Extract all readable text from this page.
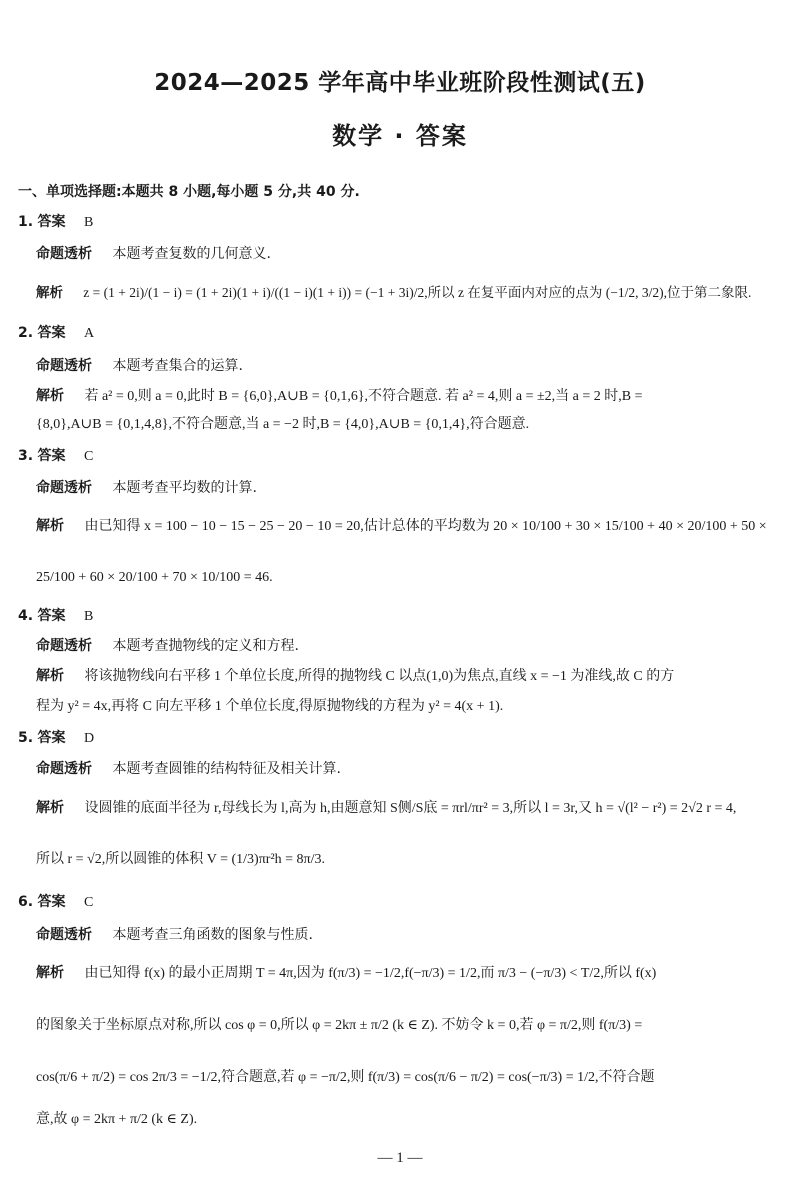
2024—2025 学年高中毕业班阶段性测试(五)
数学 · 答案
一、单项选择题:本题共 8 小题,每小题 5 分,共 40 分.
1. 答案 B
命题透析 本题考查复数的几何意义.
解析 z = (1 + 2i)/(1 − i) = (1 + 2i)(1 + i)/((1 − i)(1 + i)) = (−1 + 3i)/2,所以 z 在复平面内对应的点为 (−1/2, 3/2),位于第二象限.
2. 答案 A
命题透析 本题考查集合的运算.
解析 若 a² = 0,则 a = 0,此时 B = {6,0},A∪B = {0,1,6},不符合题意. 若 a² = 4,则 a = ±2,当 a = 2 时,B =
{8,0},A∪B = {0,1,4,8},不符合题意,当 a = −2 时,B = {4,0},A∪B = {0,1,4},符合题意.
3. 答案 C
命题透析 本题考查平均数的计算.
解析 由已知得 x = 100 − 10 − 15 − 25 − 20 − 10 = 20,估计总体的平均数为 20 × 10/100 + 30 × 15/100 + 40 × 20/100 + 50 ×
25/100 + 60 × 20/100 + 70 × 10/100 = 46.
4. 答案 B
命题透析 本题考查抛物线的定义和方程.
解析 将该抛物线向右平移 1 个单位长度,所得的抛物线 C 以点(1,0)为焦点,直线 x = −1 为准线,故 C 的方
程为 y² = 4x,再将 C 向左平移 1 个单位长度,得原抛物线的方程为 y² = 4(x + 1).
5. 答案 D
命题透析 本题考查圆锥的结构特征及相关计算.
解析 设圆锥的底面半径为 r,母线长为 l,高为 h,由题意知 S侧/S底 = πrl/πr² = 3,所以 l = 3r,又 h = √(l² − r²) = 2√2 r = 4,
所以 r = √2,所以圆锥的体积 V = (1/3)πr²h = 8π/3.
6. 答案 C
命题透析 本题考查三角函数的图象与性质.
解析 由已知得 f(x) 的最小正周期 T = 4π,因为 f(π/3) = −1/2,f(−π/3) = 1/2,而 π/3 − (−π/3) < T/2,所以 f(x)
的图象关于坐标原点对称,所以 cos φ = 0,所以 φ = 2kπ ± π/2 (k ∈ Z). 不妨令 k = 0,若 φ = π/2,则 f(π/3) =
cos(π/6 + π/2) = cos 2π/3 = −1/2,符合题意,若 φ = −π/2,则 f(π/3) = cos(π/6 − π/2) = cos(−π/3) = 1/2,不符合题
意,故 φ = 2kπ + π/2 (k ∈ Z).
— 1 —
